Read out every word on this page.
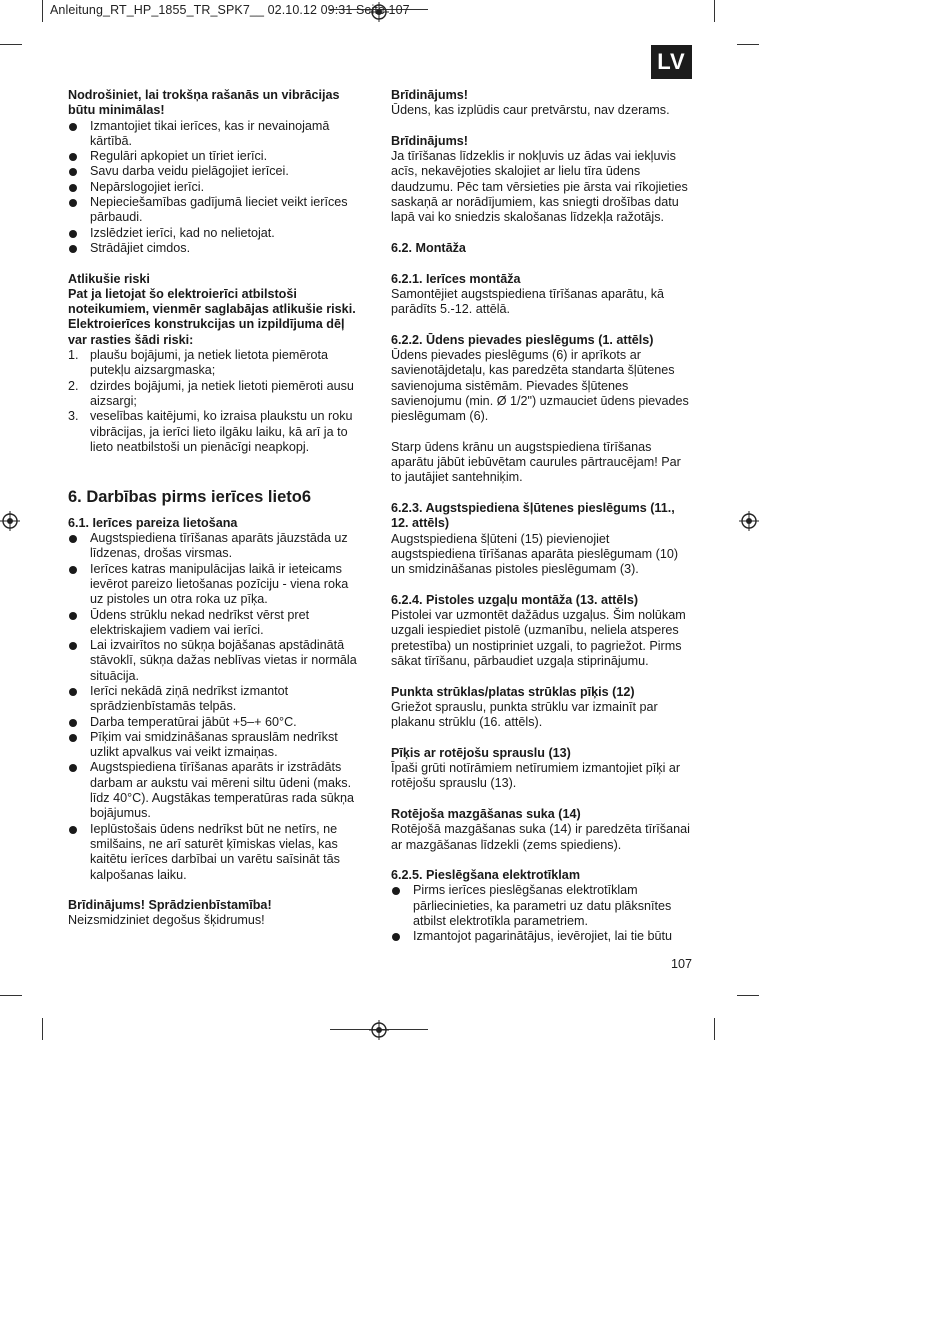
Anleitung_RT_HP_1855_TR_SPK7__ 02.10.12 09:31 Seite 107
LV

Nodrošiniet, lai trokšņa rašanās un vibrācijas būtu minimālas!

Izmantojiet tikai ierīces, kas ir nevainojamā kārtībā.
Regulāri apkopiet un tīriet ierīci.
Savu darba veidu pielāgojiet ierīcei.
Nepārslogojiet ierīci.
Nepieciešamības gadījumā lieciet veikt ierīces pārbaudi.
Izslēdziet ierīci, kad no nelietojat.
Strādājiet cimdos.

Atlikušie riski

Pat ja lietojat šo elektroierīci atbilstoši noteikumiem, vienmēr saglabājas atlikušie riski. Elektroierīces konstrukcijas un izpildījuma dēļ var rasties šādi riski:

1. plaušu bojājumi, ja netiek lietota piemērota putekļu aizsargmaska;
2. dzirdes bojājumi, ja netiek lietoti piemēroti ausu aizsargi;
3. veselības kaitējumi, ko izraisa plaukstu un roku vibrācijas, ja ierīci lieto ilgāku laiku, kā arī ja to lieto neatbilstoši un pienācīgi neapkopj.

6. Darbības pirms ierīces lieto6

6.1. Ierīces pareiza lietošana

Augstspiediena tīrīšanas aparāts jāuzstāda uz līdzenas, drošas virsmas.
Ierīces katras manipulācijas laikā ir ieteicams ievērot pareizo lietošanas pozīciju - viena roka uz pistoles un otra roka uz pīķa.
Ūdens strūklu nekad nedrīkst vērst pret elektriskajiem vadiem vai ierīci.
Lai izvairītos no sūkņa bojāšanas apstādinātā stāvoklī, sūkņa dažas neblīvas vietas ir normāla situācija.
Ierīci nekādā ziņā nedrīkst izmantot sprādzienbīstamās telpās.
Darba temperatūrai jābūt +5–+ 60°C.
Pīķim vai smidzināšanas sprauslām nedrīkst uzlikt apvalkus vai veikt izmaiņas.
Augstspiediena tīrīšanas aparāts ir izstrādāts darbam ar aukstu vai mēreni siltu ūdeni (maks. līdz 40°C). Augstākas temperatūras rada sūkņa bojājumus.
Ieplūstošais ūdens nedrīkst būt ne netīrs, ne smilšains, ne arī saturēt ķīmiskas vielas, kas kaitētu ierīces darbībai un varētu saīsināt tās kalpošanas laiku.

Brīdinājums! Sprādzienbīstamība!

Neizsmidziniet degošus šķidrumus!

Brīdinājums!

Ūdens, kas izplūdis caur pretvārstu, nav dzerams.

Brīdinājums!

Ja tīrīšanas līdzeklis ir nokļuvis uz ādas vai iekļuvis acīs, nekavējoties skalojiet ar lielu tīra ūdens daudzumu. Pēc tam vērsieties pie ārsta vai rīkojieties saskaņā ar norādījumiem, kas sniegti drošības datu lapā vai ko sniedzis skalošanas līdzekļa ražotājs.

6.2. Montāža

6.2.1. Ierīces montāža

Samontējiet augstspiediena tīrīšanas aparātu, kā parādīts 5.-12. attēlā.

6.2.2. Ūdens pievades pieslēgums (1. attēls)

Ūdens pievades pieslēgums (6) ir aprīkots ar savienotājdetaļu, kas paredzēta standarta šļūtenes savienojuma sistēmām. Pievades šļūtenes savienojumu (min. Ø 1/2") uzmauciet ūdens pievades pieslēgumam (6).

Starp ūdens krānu un augstspiediena tīrīšanas aparātu jābūt iebūvētam caurules pārtraucējam! Par to jautājiet santehniķim.

6.2.3. Augstspiediena šļūtenes pieslēgums (11., 12. attēls)

Augstspiediena šļūteni (15) pievienojiet augstspiediena tīrīšanas aparāta pieslēgumam (10) un smidzināšanas pistoles pieslēgumam (3).

6.2.4. Pistoles uzgaļu montāža (13. attēls)

Pistolei var uzmontēt dažādus uzgaļus. Šim nolūkam uzgali iespiediet pistolē (uzmanību, neliela atsperes pretestība) un nostipriniet uzgali, to pagriežot. Pirms sākat tīrīšanu, pārbaudiet uzgaļa stiprinājumu.

Punkta strūklas/platas strūklas pīķis (12)

Griežot sprauslu, punkta strūklu var izmainīt par plakanu strūklu (16. attēls).

Pīķis ar rotējošu sprauslu (13)

Īpaši grūti notīrāmiem netīrumiem izmantojiet pīķi ar rotējošu sprauslu (13).

Rotējoša mazgāšanas suka (14)

Rotējošā mazgāšanas suka (14) ir paredzēta tīrīšanai ar mazgāšanas līdzekli (zems spiediens).

6.2.5. Pieslēgšana elektrotīklam

Pirms ierīces pieslēgšanas elektrotīklam pārliecinieties, ka parametri uz datu plāksnītes atbilst elektrotīkla parametriem.
Izmantojot pagarinātājus, ievērojiet, lai tie būtu
107
